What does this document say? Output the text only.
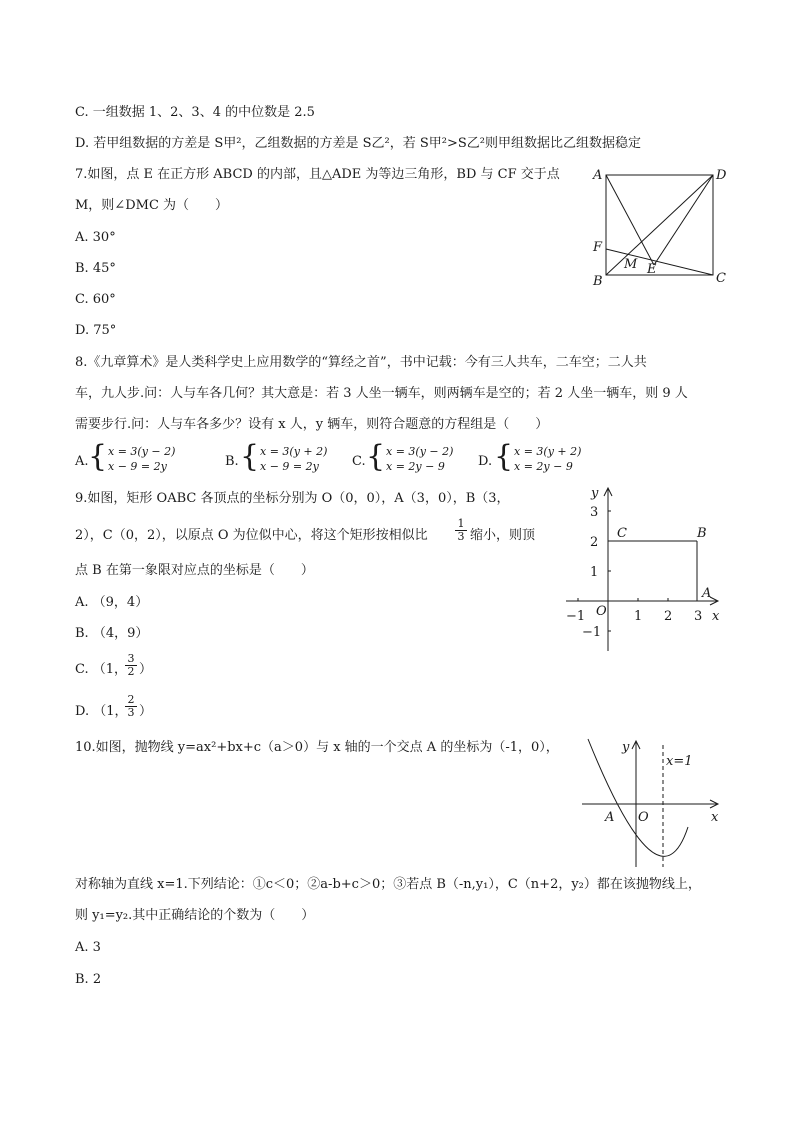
C. 一组数据 1、2、3、4 的中位数是 2.5
D. 若甲组数据的方差是 S甲²，乙组数据的方差是 S乙²，若 S甲²>S乙²则甲组数据比乙组数据稳定
7.如图，点 E 在正方形 ABCD 的内部，且△ADE 为等边三角形，BD 与 CF 交于点
M，则∠DMC 为（　　）
A. 30°
B. 45°
C. 60°
D. 75°
A	D
F
M E
B	C
8.《九章算术》是人类科学史上应用数学的“算经之首”，书中记载：今有三人共车，二车空；二人共
车，九人步.问：人与车各几何？其大意是：若 3 人坐一辆车，则两辆车是空的；若 2 人坐一辆车，则 9 人
需要步行.问：人与车各多少？设有 x 人，y 辆车，则符合题意的方程组是（　　）
A. { x = 3(y − 2)
x − 9 = 2y	B. { x = 3(y + 2)
x − 9 = 2y	C. { x = 3(y − 2)
x = 2y − 9	D. { x = 3(y + 2)
x = 2y − 9
9.如图，矩形 OABC 各顶点的坐标分别为 O（0，0），A（3，0），B（3，
2），C（0，2），以原点 O 为位似中心，将这个矩形按相似比 $\frac{1}{3}$ 缩小，则顶
点 B 在第一象限对应点的坐标是（　　）
A. （9，4）
B. （4，9）
C. （1，
$\frac{3}{2}$ ）
D. （1，
$\frac{2}{3}$ ）
y
x
O
3
2
1
−1
−1	1 2 3
C	B
A
10.如图，抛物线 y=ax²+bx+c（a＞0）与 x 轴的一个交点 A 的坐标为（-1，0），	y
x
O
A
x=1
对称轴为直线 x=1.下列结论：①c＜0；②a-b+c＞0；③若点 B（-n,y₁），C（n+2，y₂）都在该抛物线上，
则 y₁=y₂.其中正确结论的个数为（　　）
A. 3
B. 2
